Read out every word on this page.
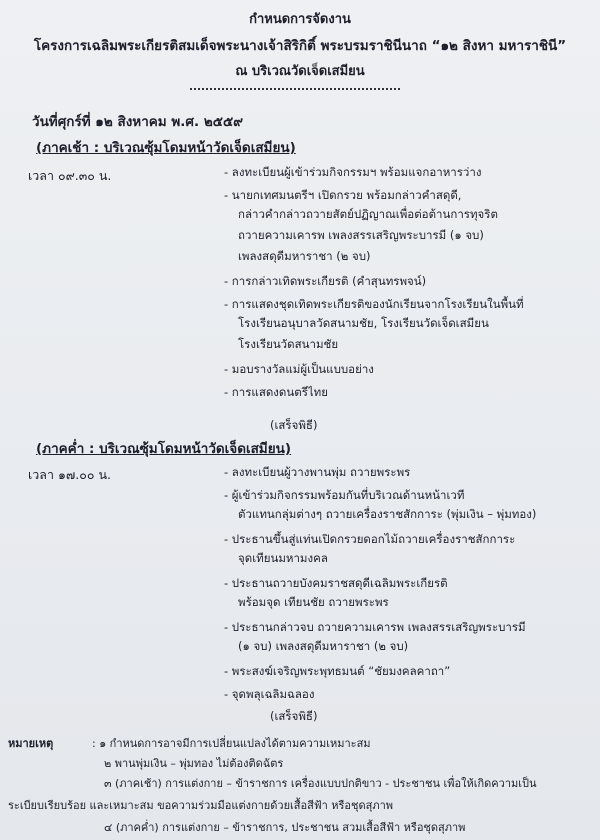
กำหนดการจัดงาน
โครงการเฉลิมพระเกียรติสมเด็จพระนางเจ้าสิริกิติ์ พระบรมราชินีนาถ “๑๒ สิงหา มหาราชินี”
ณ บริเวณวัดเจ็ดเสมียน
วันที่ศุกร์ที่ ๑๒ สิงหาคม พ.ศ. ๒๕๕๙
(ภาคเช้า : บริเวณซุ้มโดมหน้าวัดเจ็ดเสมียน)
เวลา ๐๙.๓๐ น.	- ลงทะเบียนผู้เข้าร่วมกิจกรรมฯ พร้อมแจกอาหารว่าง
- นายกเทศมนตรีฯ เปิดกรวย พร้อมกล่าวคำสดุดี,
กล่าวคำกล่าวถวายสัตย์ปฏิญาณเพื่อต่อต้านการทุจริต
ถวายความเคารพ เพลงสรรเสริญพระบารมี (๑ จบ)
เพลงสดุดีมหาราชา (๒ จบ)
- การกล่าวเทิดพระเกียรติ (คำสุนทรพจน์)
- การแสดงชุดเทิดพระเกียรติของนักเรียนจากโรงเรียนในพื้นที่
โรงเรียนอนุบาลวัดสนามชัย, โรงเรียนวัดเจ็ดเสมียน
โรงเรียนวัดสนามชัย
- มอบรางวัลแม่ผู้เป็นแบบอย่าง
- การแสดงดนตรีไทย
(เสร็จพิธี)
(ภาคค่ำ : บริเวณซุ้มโดมหน้าวัดเจ็ดเสมียน)
เวลา ๑๗.๐๐ น.	- ลงทะเบียนผู้วางพานพุ่ม ถวายพระพร
- ผู้เข้าร่วมกิจกรรมพร้อมกันที่บริเวณด้านหน้าเวที
ตัวแทนกลุ่มต่างๆ ถวายเครื่องราชสักการะ (พุ่มเงิน – พุ่มทอง)
- ประธานขึ้นสู่แท่นเปิดกรวยดอกไม้ถวายเครื่องราชสักการะ
จุดเทียนมหามงคล
- ประธานถวายบังคมราชสดุดีเฉลิมพระเกียรติ
พร้อมจุด เทียนชัย ถวายพระพร
- ประธานกล่าวจบ ถวายความเคารพ เพลงสรรเสริญพระบารมี
(๑ จบ) เพลงสดุดีมหาราชา (๒ จบ)
- พระสงฆ์เจริญพระพุทธมนต์ “ชัยมงคลคาถา”
- จุดพลุเฉลิมฉลอง
(เสร็จพิธี)
หมายเหตุ	: ๑ กำหนดการอาจมีการเปลี่ยนแปลงได้ตามความเหมาะสม
๒ พานพุ่มเงิน – พุ่มทอง ไม่ต้องติดฉัตร
๓ (ภาคเช้า) การแต่งกาย – ข้าราชการ เครื่องแบบปกติขาว - ประชาชน เพื่อให้เกิดความเป็น
ระเบียบเรียบร้อย และเหมาะสม ขอความร่วมมือแต่งกายด้วยเสื้อสีฟ้า หรือชุดสุภาพ
๔ (ภาคค่ำ) การแต่งกาย – ข้าราชการ, ประชาชน สวมเสื้อสีฟ้า หรือชุดสุภาพ
